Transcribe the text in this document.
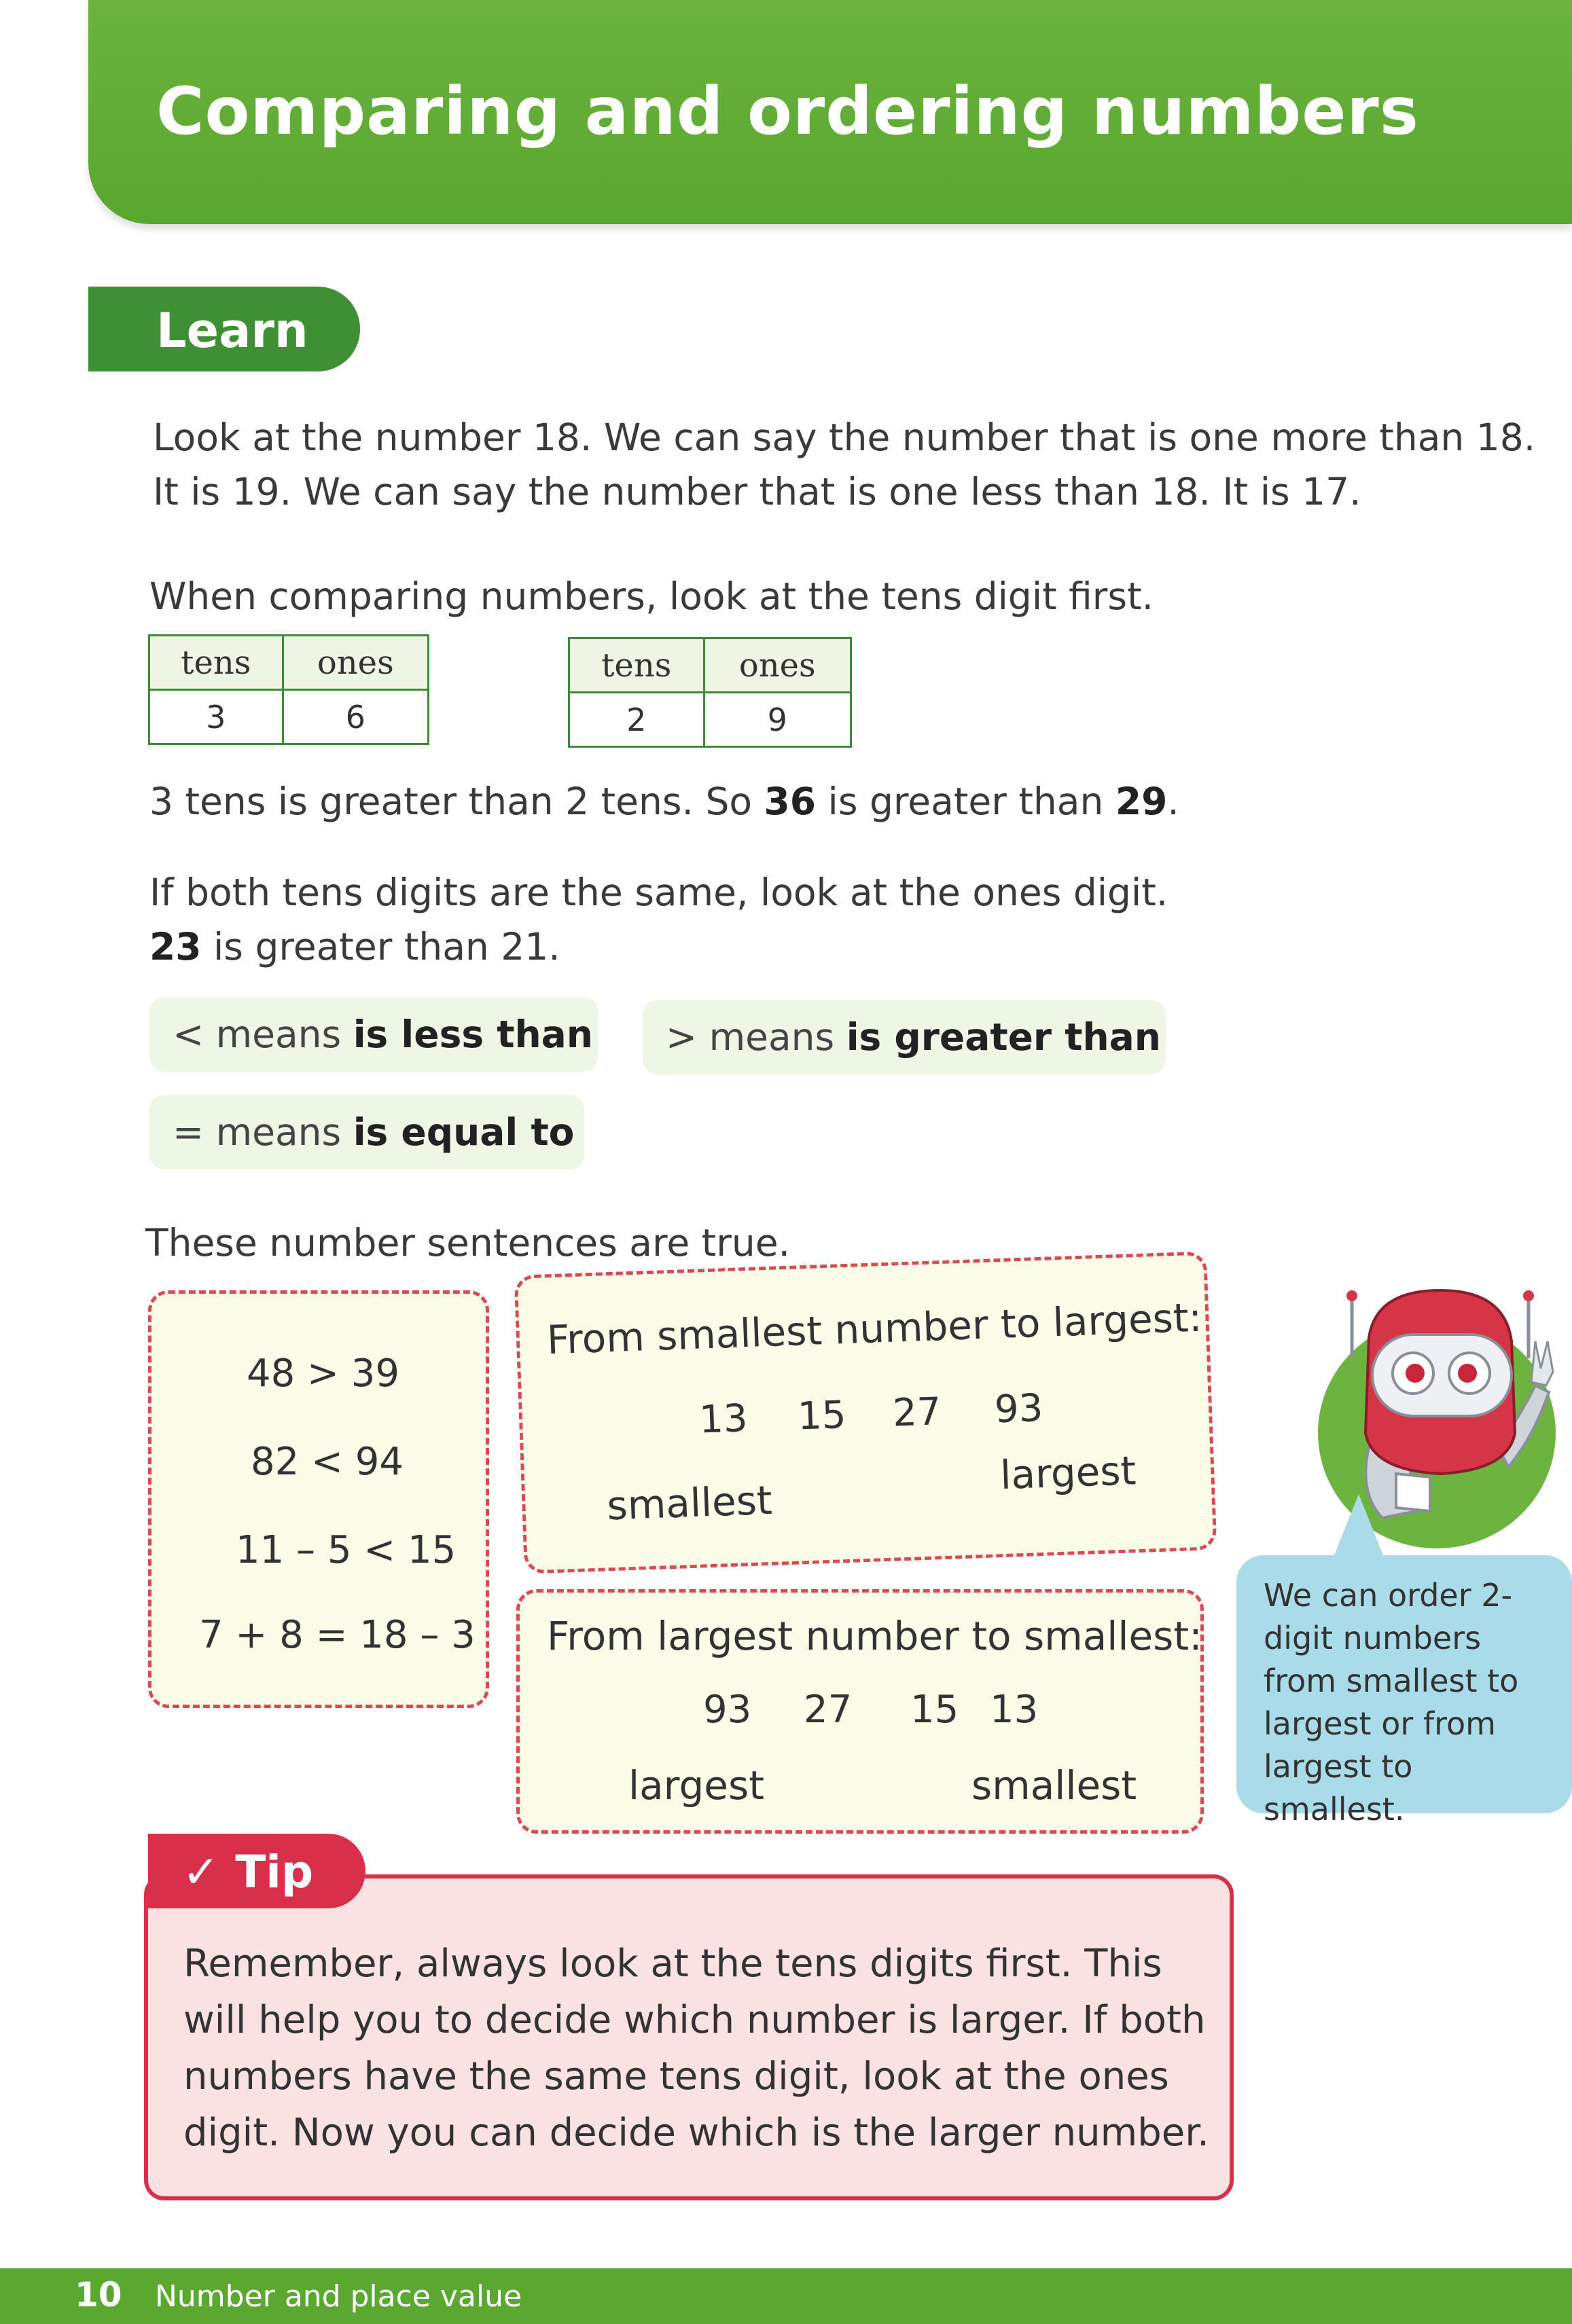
Comparing and ordering numbers
Learn
Look at the number 18. We can say the number that is one more than 18.
It is 19. We can say the number that is one less than 18. It is 17.
When comparing numbers, look at the tens digit first.
tens	ones
3	6
tens	ones
2	9
3 tens is greater than 2 tens. So 36 is greater than 29.
If both tens digits are the same, look at the ones digit.
23 is greater than 21.
< means is less than	> means is greater than
= means is equal to
These number sentences are true.
48 > 39
82 < 94
11 – 5 < 15
7 + 8 = 18 – 3
From smallest number to largest:
13 15 27 93
smallest
largest
From largest number to smallest:
93 27 15 13
largest	smallest

We can order 2-digit numbers from smallest to largest or from largest to smallest.

✓ Tip
Remember, always look at the tens digits first. This will help you to decide which number is larger. If both numbers have the same tens digit, look at the ones digit. Now you can decide which is the larger number.
10 Number and place value
